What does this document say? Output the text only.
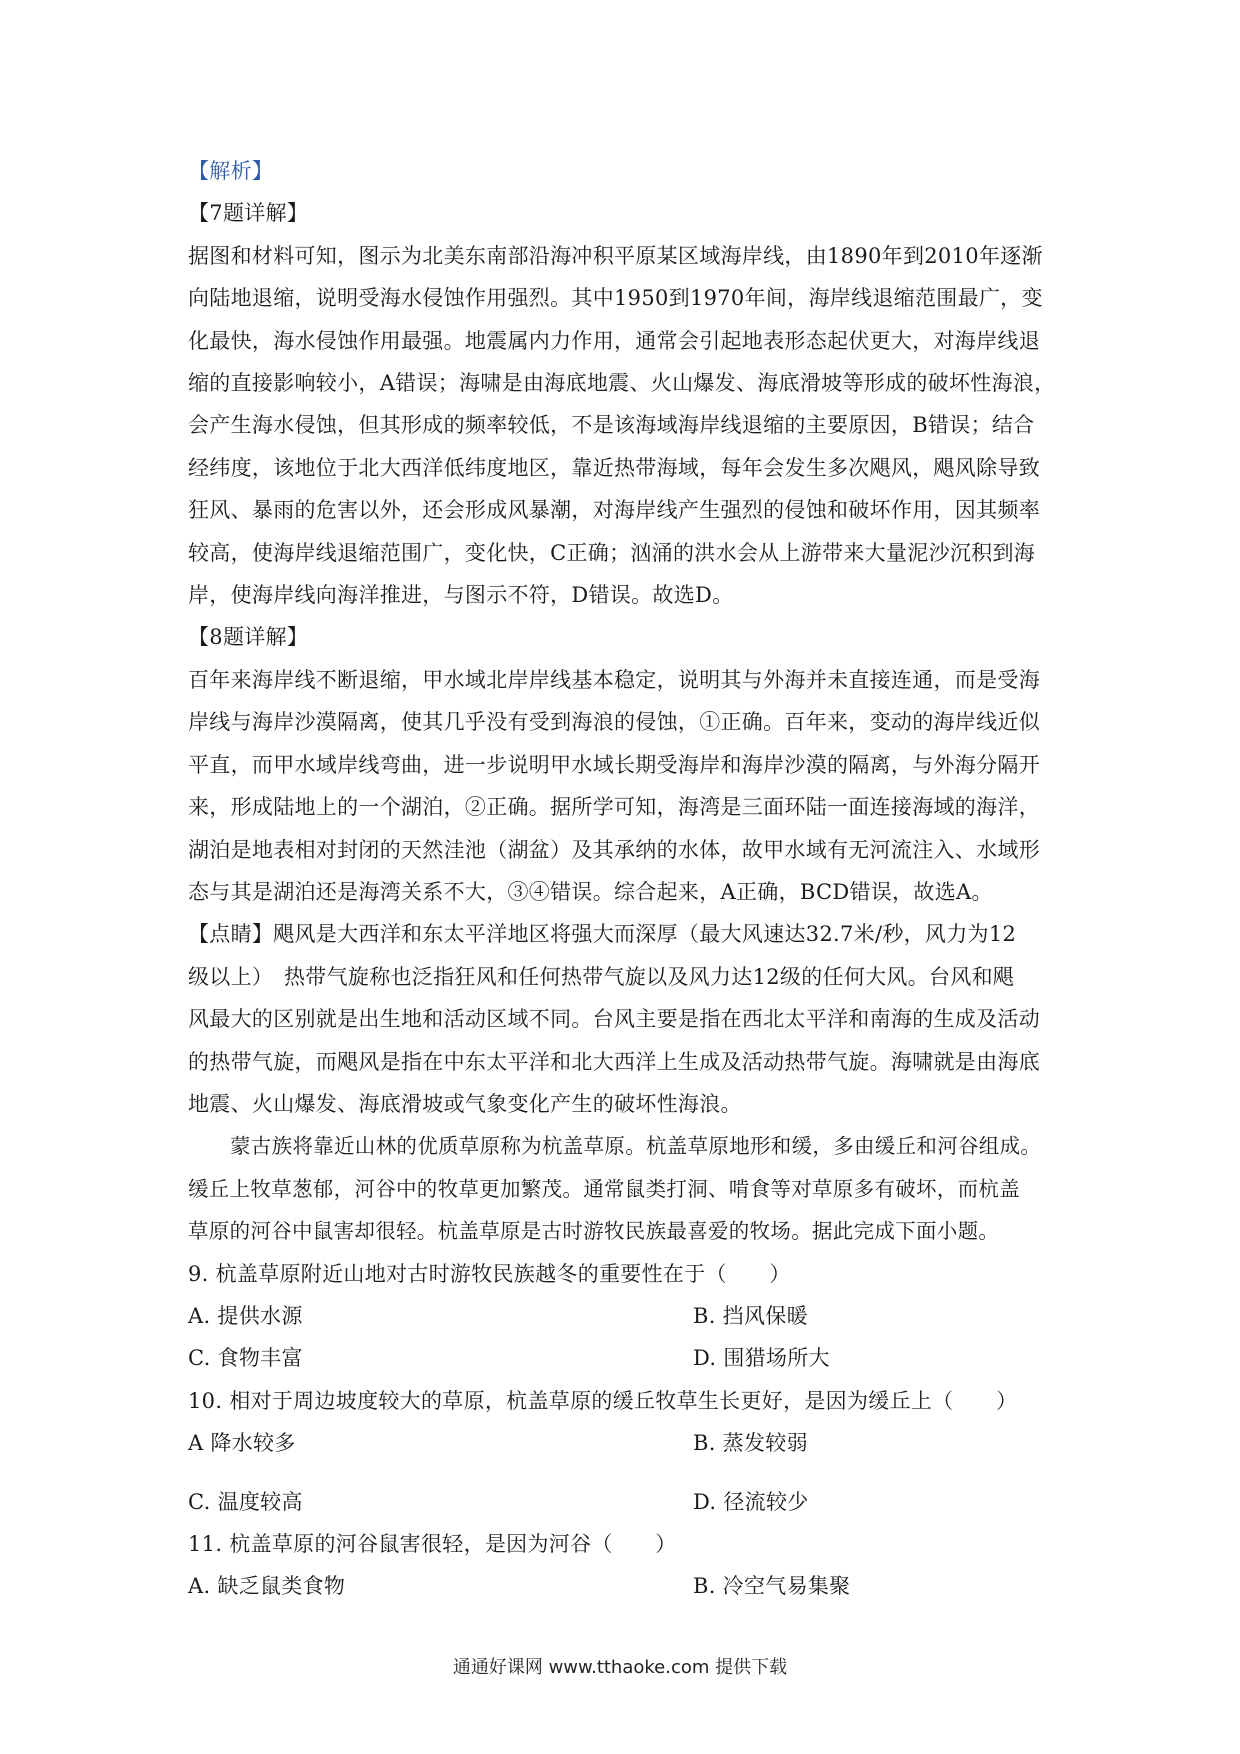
【解析】

【7题详解】

据图和材料可知，图示为北美东南部沿海冲积平原某区域海岸线，由1890年到2010年逐渐

向陆地退缩，说明受海水侵蚀作用强烈。其中1950到1970年间，海岸线退缩范围最广，变

化最快，海水侵蚀作用最强。地震属内力作用，通常会引起地表形态起伏更大，对海岸线退

缩的直接影响较小，A错误；海啸是由海底地震、火山爆发、海底滑坡等形成的破坏性海浪，

会产生海水侵蚀，但其形成的频率较低，不是该海域海岸线退缩的主要原因，B错误；结合

经纬度，该地位于北大西洋低纬度地区，靠近热带海域，每年会发生多次飓风，飓风除导致

狂风、暴雨的危害以外，还会形成风暴潮，对海岸线产生强烈的侵蚀和破坏作用，因其频率

较高，使海岸线退缩范围广，变化快，C正确；汹涌的洪水会从上游带来大量泥沙沉积到海

岸，使海岸线向海洋推进，与图示不符，D错误。故选D。

【8题详解】

百年来海岸线不断退缩，甲水域北岸岸线基本稳定，说明其与外海并未直接连通，而是受海

岸线与海岸沙漠隔离，使其几乎没有受到海浪的侵蚀，①正确。百年来，变动的海岸线近似

平直，而甲水域岸线弯曲，进一步说明甲水域长期受海岸和海岸沙漠的隔离，与外海分隔开

来，形成陆地上的一个湖泊，②正确。据所学可知，海湾是三面环陆一面连接海域的海洋，

湖泊是地表相对封闭的天然洼池（湖盆）及其承纳的水体，故甲水域有无河流注入、水域形

态与其是湖泊还是海湾关系不大，③④错误。综合起来，A正确，BCD错误，故选A。

【点睛】飓风是大西洋和东太平洋地区将强大而深厚（最大风速达32.7米/秒，风力为12

级以上）　热带气旋称也泛指狂风和任何热带气旋以及风力达12级的任何大风。台风和飓

风最大的区别就是出生地和活动区域不同。台风主要是指在西北太平洋和南海的生成及活动

的热带气旋，而飓风是指在中东太平洋和北大西洋上生成及活动热带气旋。海啸就是由海底

地震、火山爆发、海底滑坡或气象变化产生的破坏性海浪。

蒙古族将靠近山林的优质草原称为杭盖草原。杭盖草原地形和缓，多由缓丘和河谷组成。

缓丘上牧草葱郁，河谷中的牧草更加繁茂。通常鼠类打洞、啃食等对草原多有破坏，而杭盖

草原的河谷中鼠害却很轻。杭盖草原是古时游牧民族最喜爱的牧场。据此完成下面小题。

9. 杭盖草原附近山地对古时游牧民族越冬的重要性在于（　　）

A. 提供水源	B. 挡风保暖
C. 食物丰富	D. 围猎场所大

10. 相对于周边坡度较大的草原，杭盖草原的缓丘牧草生长更好，是因为缓丘上（　　）

A 降水较多	B. 蒸发较弱
C. 温度较高	D. 径流较少

11. 杭盖草原的河谷鼠害很轻，是因为河谷（　　）

A. 缺乏鼠类食物	B. 冷空气易集聚
通通好课网 www.tthaoke.com 提供下载
